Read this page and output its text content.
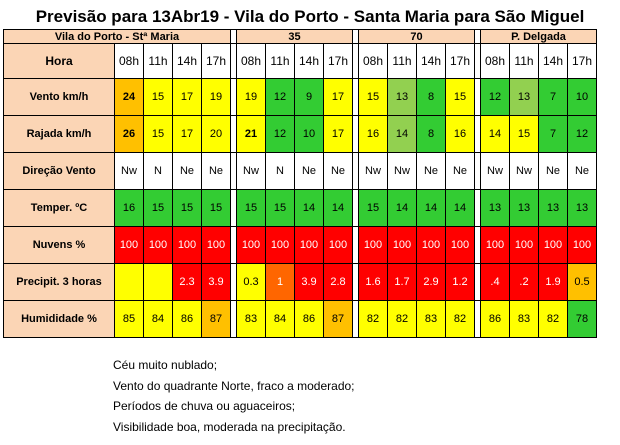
Previsão para 13Abr19 - Vila do Porto - Santa Maria para São Miguel
Vila do Porto - Stª Maria						35					70					P. Delgada			
Hora	08h	11h	14h	17h		08h	11h	14h	17h		08h	11h	14h	17h		08h	11h	14h	17h
Vento km/h	24	15	17	19		19	12	9	17		15	13	8	15		12	13	7	10
Rajada km/h	26	15	17	20		21	12	10	17		16	14	8	16		14	15	7	12
Direção Vento	Nw	N	Ne	Ne		Nw	N	Ne	Ne		Nw	Nw	Ne	Ne		Nw	Nw	Ne	Ne
Temper. ºC	16	15	15	15		15	15	14	14		15	14	14	14		13	13	13	13
Nuvens %	100	100	100	100		100	100	100	100		100	100	100	100		100	100	100	100
Precipit. 3 horas			2.3	3.9		0.3	1	3.9	2.8		1.6	1.7	2.9	1.2		.4	.2	1.9	0.5
Humididade %	85	84	86	87		83	84	86	87		82	82	83	82		86	83	82	78
Céu muito nublado;
Vento do quadrante Norte, fraco a moderado;
Períodos de chuva ou aguaceiros;
Visibilidade boa, moderada na precipitação.
